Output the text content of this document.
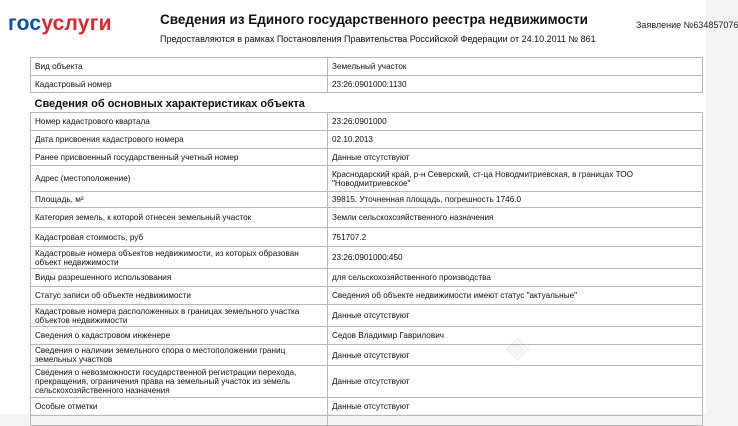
госуслуги	Сведения из Единого государственного реестра недвижимости
Предоставляются в рамках Постановления Правительства Российской Федерации от 24.10.2011 № 861
Заявление №634857076
Вид объекта	Земельный участок
Кадастровый номер	23:26:0901000:1130
Сведения об основных характеристиках объекта	
Номер кадастрового квартала	23:26:0901000
Дата присвоения кадастрового номера	02.10.2013
Ранее присвоенный государственный учетный номер	Данные отсутствуют
Адрес (местоположение)	Краснодарский край, р-н Северский, ст-ца Новодмитриевская, в границах ТОО "Новодмитриевское"
Площадь, м²	39815. Уточненная площадь, погрешность 1746.0
Категория земель, к которой отнесен земельный участок	Земли сельскохозяйственного назначения
Кадастровая стоимость, руб	751707.2
Кадастровые номера объектов недвижимости, из которых образован объект недвижимости	23:26:0901000:450
Виды разрешенного использования	для сельскохозяйственного производства
Статус записи об объекте недвижимости	Сведения об объекте недвижимости имеют статус "актуальные"
Кадастровые номера расположенных в границах земельного участка объектов недвижимости	Данные отсутствуют
Сведения о кадастровом инженере	Седов Владимир Гаврилович
Сведения о наличии земельного спора о местоположении границ земельных участков	Данные отсутствуют
Сведения о невозможности государственной регистрации перехода, прекращения, ограничения права на земельный участок из земель сельскохозяйственного назначения	Данные отсутствуют
Особые отметки	Данные отсутствуют

◈
